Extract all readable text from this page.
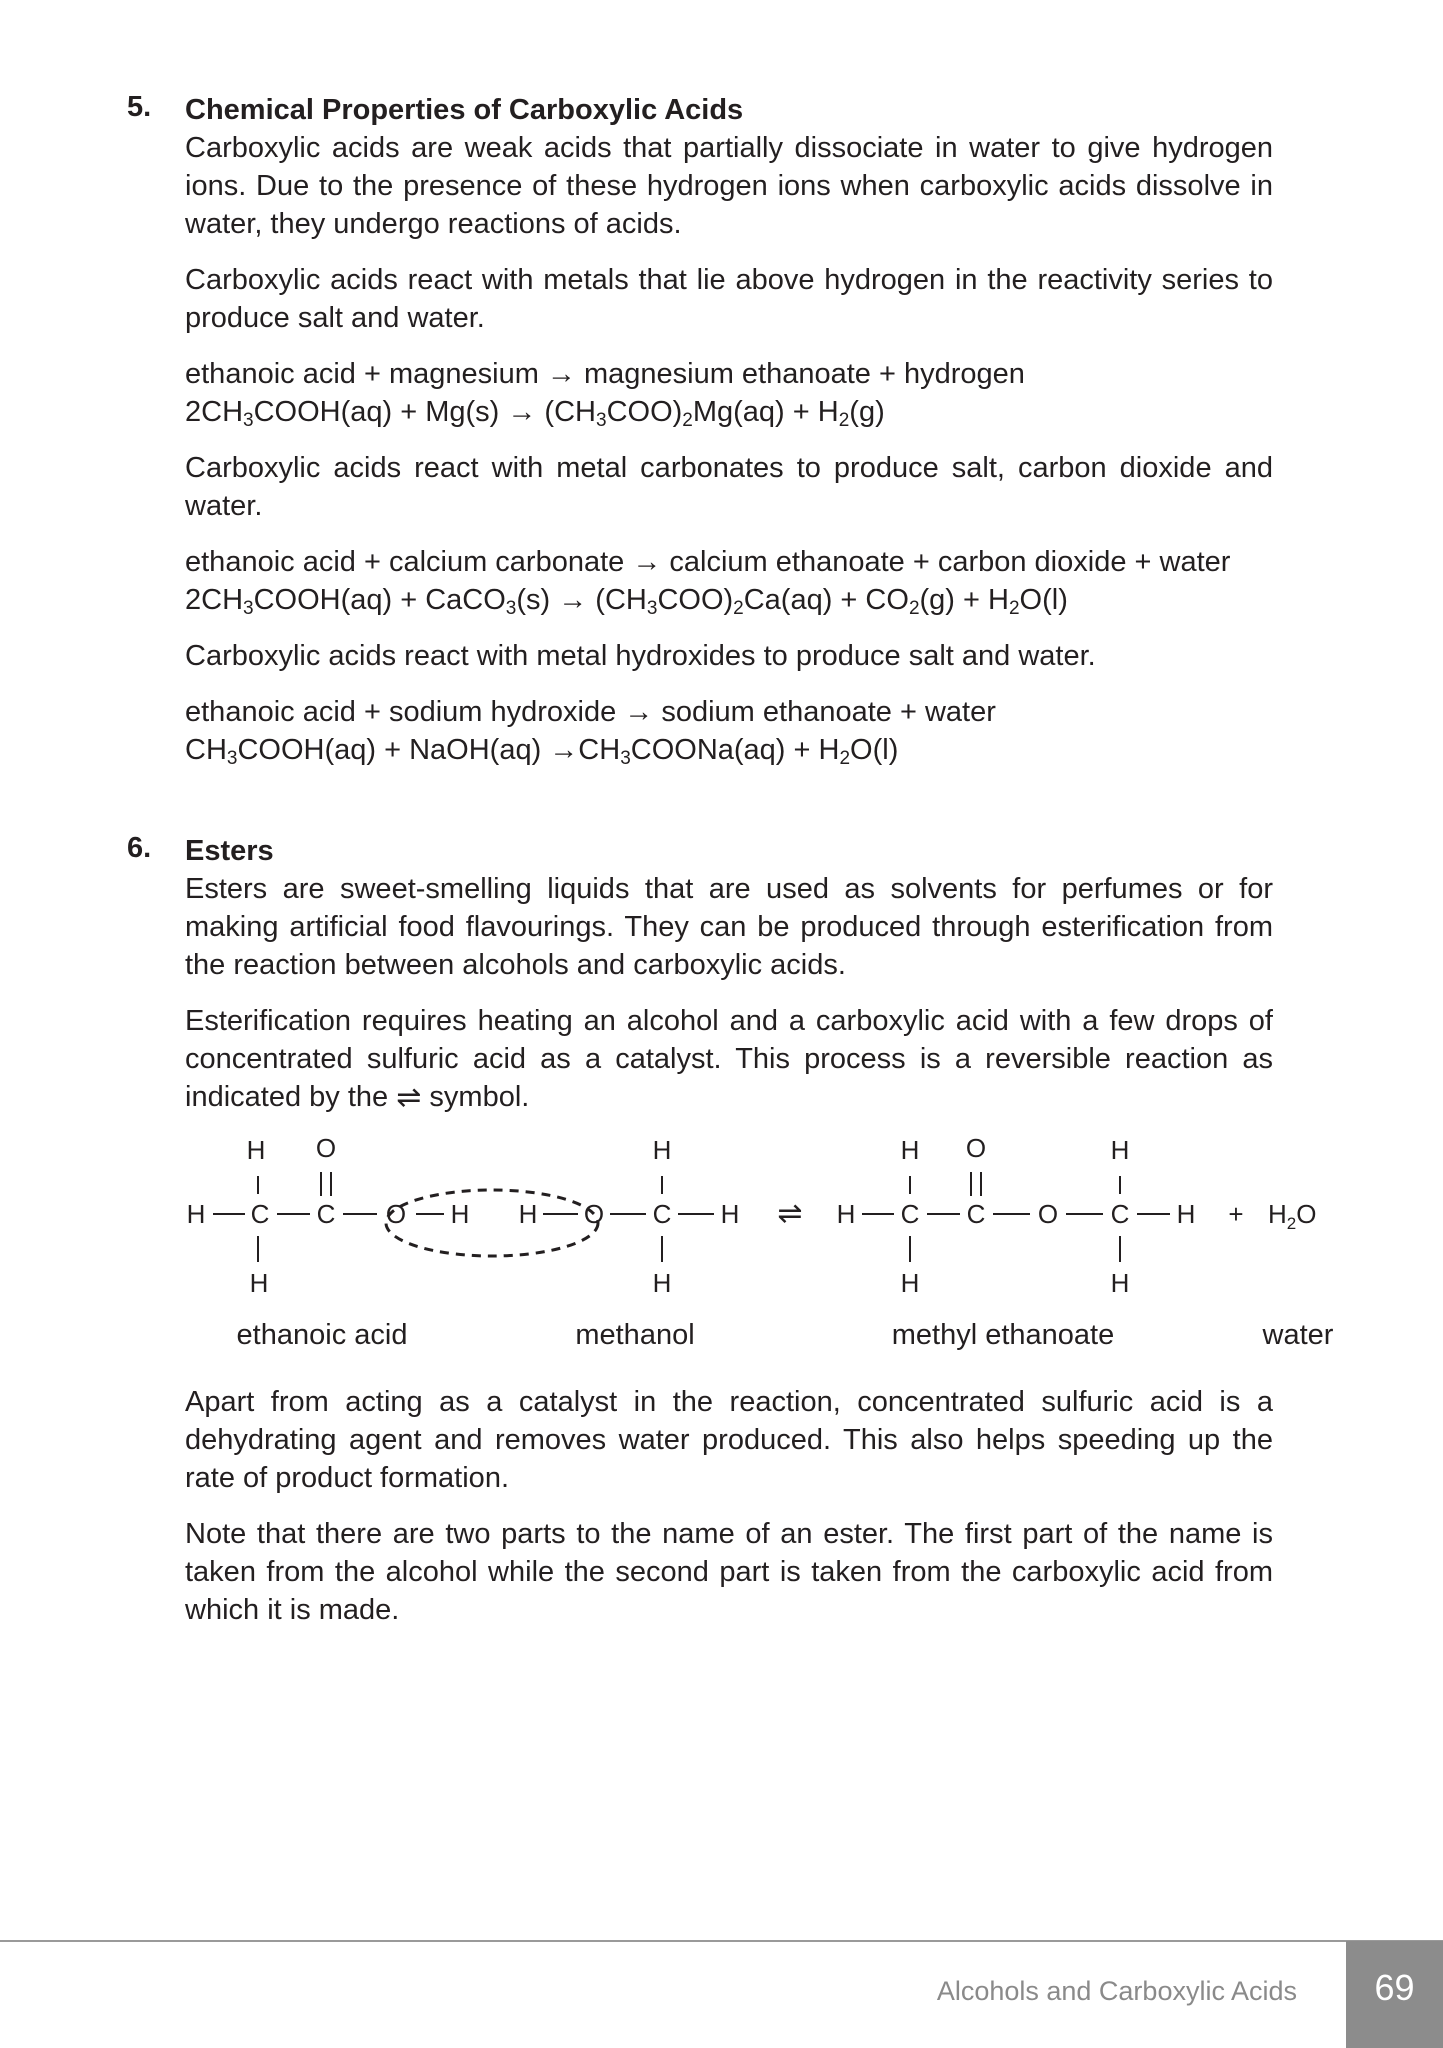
5. Chemical Properties of Carboxylic Acids

Carboxylic acids are weak acids that partially dissociate in water to give hydrogen ions. Due to the presence of these hydrogen ions when carboxylic acids dissolve in water, they undergo reactions of acids.

Carboxylic acids react with metals that lie above hydrogen in the reactivity series to produce salt and water.

ethanoic acid + magnesium → magnesium ethanoate + hydrogen
$2CH_3COOH(aq) + Mg(s) \to (CH_3COO)_2Mg(aq) + H_2(g)$

Carboxylic acids react with metal carbonates to produce salt, carbon dioxide and water.

ethanoic acid + calcium carbonate → calcium ethanoate + carbon dioxide + water
$2CH_3COOH(aq)$ + CaCO$_3$(s) → $(CH_3COO)_2Ca(aq) + CO_2(g) + H_2O(l)$

Carboxylic acids react with metal hydroxides to produce salt and water.

ethanoic acid + sodium hydroxide → sodium ethanoate + water
$CH_3COOH(aq)$ + NaOH(aq) $\to CH_3COONa(aq) + H_2O(l)$

6. Esters

Esters are sweet-smelling liquids that are used as solvents for perfumes or for making artificial food flavourings. They can be produced through esterification from the reaction between alcohols and carboxylic acids.

Esterification requires heating an alcohol and a carboxylic acid with a few drops of concentrated sulfuric acid as a catalyst. This process is a reversible reaction as indicated by the ⇌ symbol.

H O
H C C O H
H
H O
H
C H
H
⇌ H
H O
C C O C
H
H
H	H
+ $H_2O$
ethanoic acid	methanol	methyl ethanoate	water

Apart from acting as a catalyst in the reaction, concentrated sulfuric acid is a dehydrating agent and removes water produced. This also helps speeding up the rate of product formation.

Note that there are two parts to the name of an ester. The first part of the name is taken from the alcohol while the second part is taken from the carboxylic acid from which it is made.

Alcohols and Carboxylic Acids	69
